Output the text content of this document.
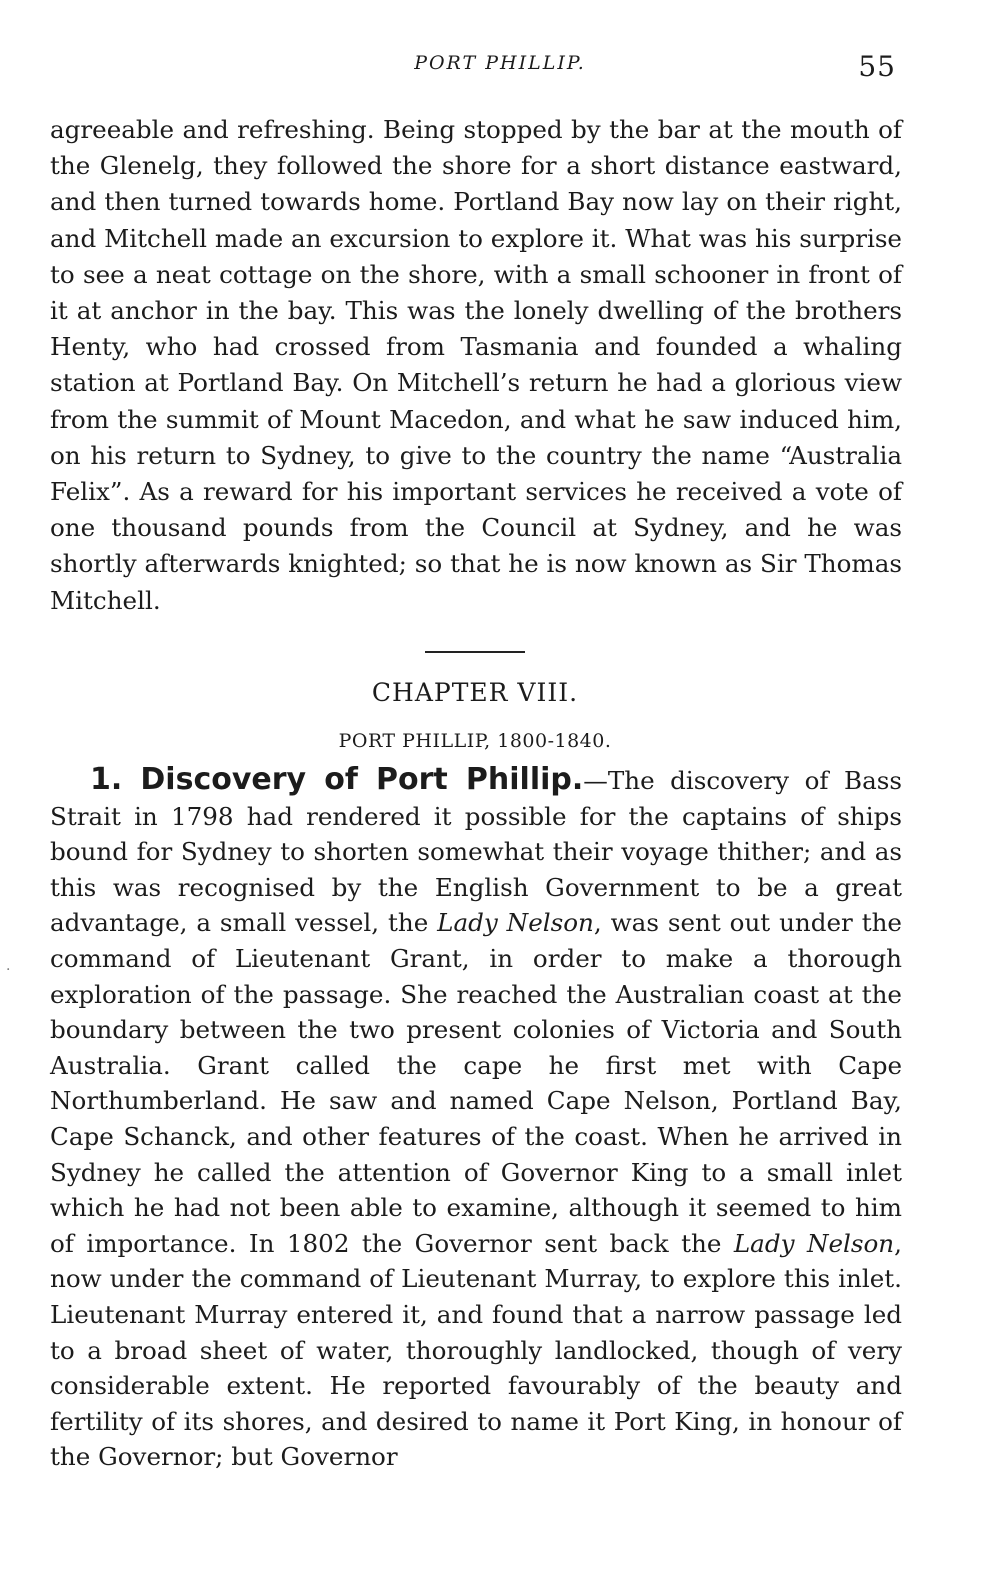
PORT PHILLIP.	55

agreeable and refreshing. Being stopped by the bar at the mouth of the Glenelg, they followed the shore for a short distance eastward, and then turned towards home. Portland Bay now lay on their right, and Mitchell made an excursion to explore it. What was his surprise to see a neat cottage on the shore, with a small schooner in front of it at anchor in the bay. This was the lonely dwelling of the brothers Henty, who had crossed from Tasmania and founded a whaling station at Portland Bay. On Mitchell’s return he had a glorious view from the summit of Mount Macedon, and what he saw induced him, on his return to Sydney, to give to the country the name “Australia Felix”. As a reward for his important services he received a vote of one thousand pounds from the Council at Sydney, and he was shortly afterwards knighted; so that he is now known as Sir Thomas Mitchell.

CHAPTER VIII.
PORT PHILLIP, 1800-1840.

1. Discovery of Port Phillip.—The discovery of Bass Strait in 1798 had rendered it possible for the captains of ships bound for Sydney to shorten somewhat their voyage thither; and as this was recognised by the English Government to be a great advantage, a small vessel, the Lady Nelson, was sent out under the command of Lieutenant Grant, in order to make a thorough exploration of the passage. She reached the Australian coast at the boundary between the two present colonies of Victoria and South Australia. Grant called the cape he first met with Cape Northumberland. He saw and named Cape Nelson, Portland Bay, Cape Schanck, and other features of the coast. When he arrived in Sydney he called the attention of Governor King to a small inlet which he had not been able to examine, although it seemed to him of importance. In 1802 the Governor sent back the Lady Nelson, now under the command of Lieutenant Murray, to explore this inlet. Lieutenant Murray entered it, and found that a narrow passage led to a broad sheet of water, thoroughly landlocked, though of very considerable extent. He reported favourably of the beauty and fertility of its shores, and desired to name it Port King, in honour of the Governor; but Governor

·
